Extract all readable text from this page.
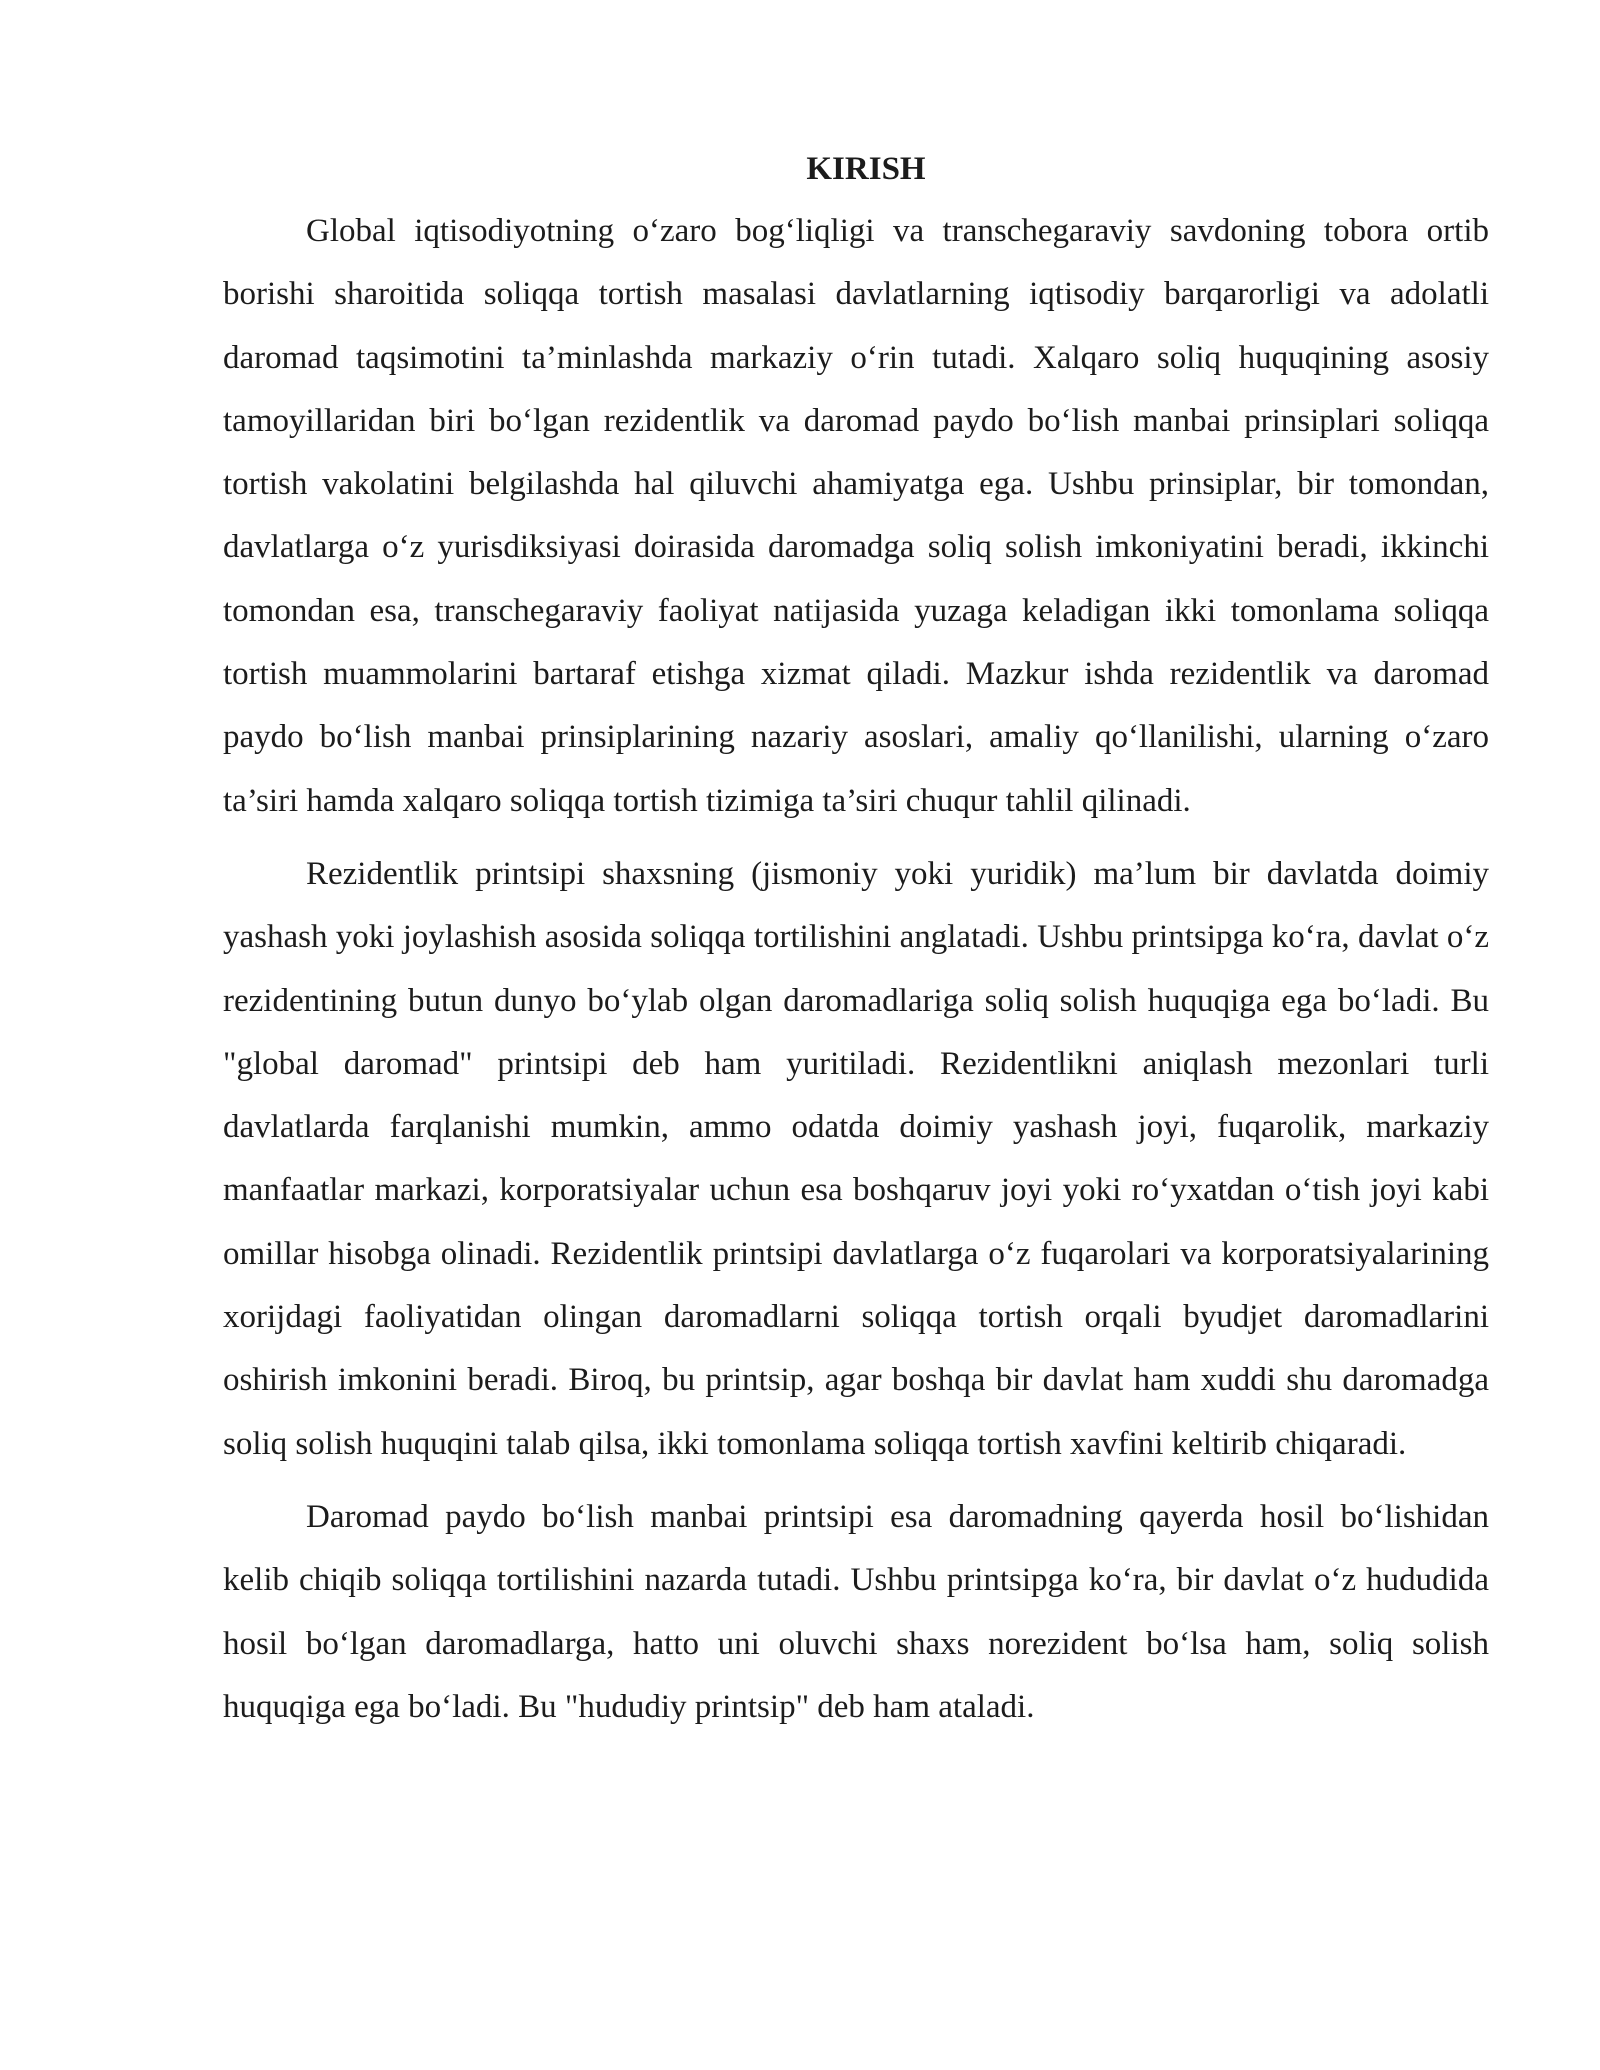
KIRISH

Global iqtisodiyotning o‘zaro bog‘liqligi va transchegaraviy savdoning tobora ortib borishi sharoitida soliqqa tortish masalasi davlatlarning iqtisodiy barqarorligi va adolatli daromad taqsimotini ta’minlashda markaziy o‘rin tutadi. Xalqaro soliq huquqining asosiy tamoyillaridan biri bo‘lgan rezidentlik va daromad paydo bo‘lish manbai prinsiplari soliqqa tortish vakolatini belgilashda hal qiluvchi ahamiyatga ega. Ushbu prinsiplar, bir tomondan, davlatlarga o‘z yurisdiksiyasi doirasida daromadga soliq solish imkoniyatini beradi, ikkinchi tomondan esa, transchegaraviy faoliyat natijasida yuzaga keladigan ikki tomonlama soliqqa tortish muammolarini bartaraf etishga xizmat qiladi. Mazkur ishda rezidentlik va daromad paydo bo‘lish manbai prinsiplarining nazariy asoslari, amaliy qo‘llanilishi, ularning o‘zaro ta’siri hamda xalqaro soliqqa tortish tizimiga ta’siri chuqur tahlil qilinadi.

Rezidentlik printsipi shaxsning (jismoniy yoki yuridik) ma’lum bir davlatda doimiy yashash yoki joylashish asosida soliqqa tortilishini anglatadi. Ushbu printsipga ko‘ra, davlat o‘z rezidentining butun dunyo bo‘ylab olgan daromadlariga soliq solish huquqiga ega bo‘ladi. Bu "global daromad" printsipi deb ham yuritiladi. Rezidentlikni aniqlash mezonlari turli davlatlarda farqlanishi mumkin, ammo odatda doimiy yashash joyi, fuqarolik, markaziy manfaatlar markazi, korporatsiyalar uchun esa boshqaruv joyi yoki ro‘yxatdan o‘tish joyi kabi omillar hisobga olinadi. Rezidentlik printsipi davlatlarga o‘z fuqarolari va korporatsiyalarining xorijdagi faoliyatidan olingan daromadlarni soliqqa tortish orqali byudjet daromadlarini oshirish imkonini beradi. Biroq, bu printsip, agar boshqa bir davlat ham xuddi shu daromadga soliq solish huquqini talab qilsa, ikki tomonlama soliqqa tortish xavfini keltirib chiqaradi.

Daromad paydo bo‘lish manbai printsipi esa daromadning qayerda hosil bo‘lishidan kelib chiqib soliqqa tortilishini nazarda tutadi. Ushbu printsipga ko‘ra, bir davlat o‘z hududida hosil bo‘lgan daromadlarga, hatto uni oluvchi shaxs norezident bo‘lsa ham, soliq solish huquqiga ega bo‘ladi. Bu "hududiy printsip" deb ham ataladi.
